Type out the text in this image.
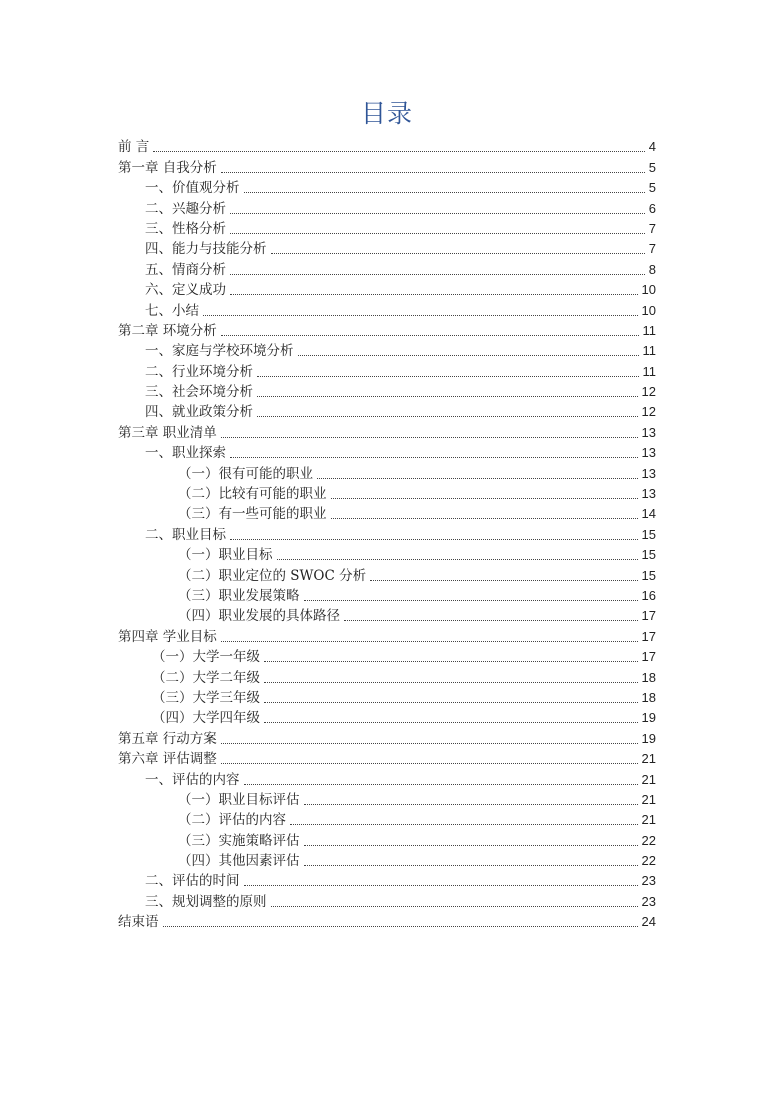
目录
前 言	4
第一章 自我分析	5
一、价值观分析	5
二、兴趣分析	6
三、性格分析	7
四、能力与技能分析	7
五、情商分析	8
六、定义成功	10
七、小结	10
第二章 环境分析	11
一、家庭与学校环境分析	11
二、行业环境分析	11
三、社会环境分析	12
四、就业政策分析	12
第三章 职业清单	13
一、职业探索	13
（一）很有可能的职业	13
（二）比较有可能的职业	13
（三）有一些可能的职业	14
二、职业目标	15
（一）职业目标	15
（二）职业定位的 SWOC 分析	15
（三）职业发展策略	16
（四）职业发展的具体路径	17
第四章 学业目标	17
（一）大学一年级	17
（二）大学二年级	18
（三）大学三年级	18
（四）大学四年级	19
第五章 行动方案	19
第六章 评估调整	21
一、评估的内容	21
（一）职业目标评估	21
（二）评估的内容	21
（三）实施策略评估	22
（四）其他因素评估	22
二、评估的时间	23
三、规划调整的原则	23
结束语	24
